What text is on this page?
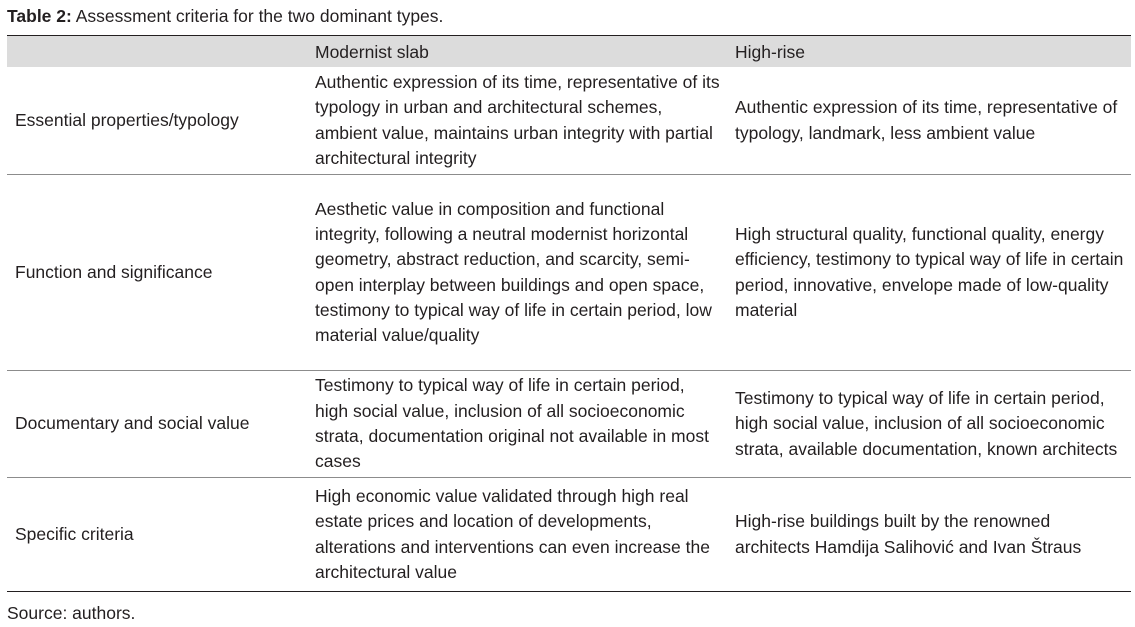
Table 2: Assessment criteria for the two dominant types.
	Modernist slab	High-rise
Essential properties/typology	Authentic expression of its time, representative of its typology in urban and architectural schemes, ambient value, maintains urban integrity with partial architectural integrity	Authentic expression of its time, representative of typology, landmark, less ambient value
Function and significance	Aesthetic value in composition and functional integrity, following a neutral modernist horizontal geometry, abstract reduction, and scarcity, semi-open interplay between buildings and open space, testimony to typical way of life in certain period, low material value/quality	High structural quality, functional quality, energy efficiency, testimony to typical way of life in certain period, innovative, envelope made of low-quality material
Documentary and social value	Testimony to typical way of life in certain period, high social value, inclusion of all socioeconomic strata, documentation original not available in most cases	Testimony to typical way of life in certain period, high social value, inclusion of all socioeconomic strata, available documentation, known architects
Specific criteria	High economic value validated through high real estate prices and location of developments, alterations and interventions can even increase the architectural value	High-rise buildings built by the renowned architects Hamdija Salihović and Ivan Štraus
Source: authors.
